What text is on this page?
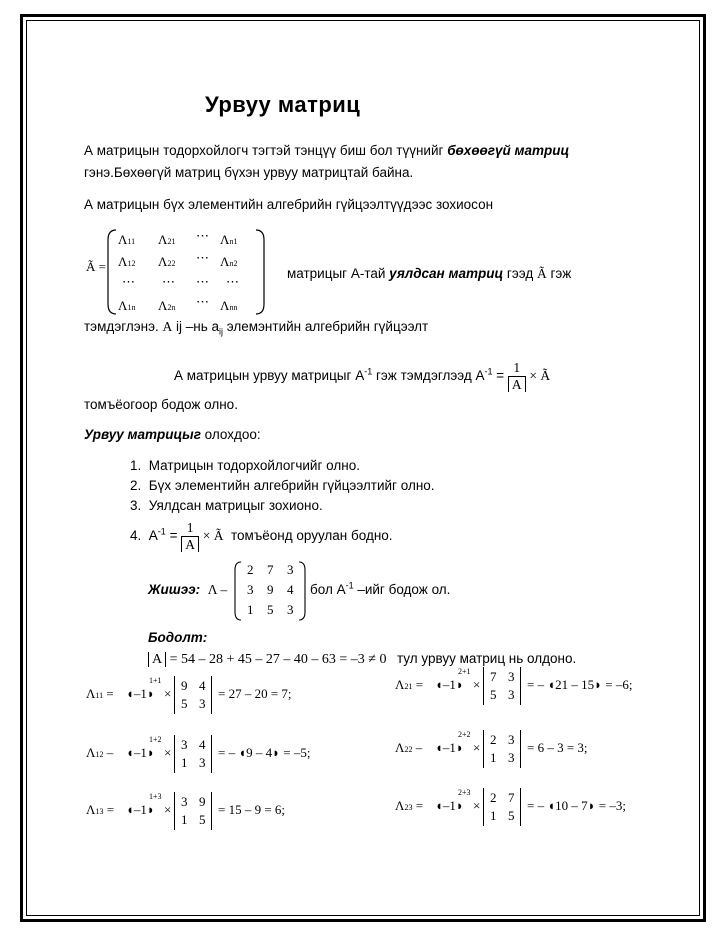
Урвуу матриц
А матрицын тодорхойлогч тэгтэй тэнцүү биш бол түүнийг бөхөөгүй матриц
гэнэ.Бөхөөгүй матриц бүхэн урвуу матрицтай байна.
А матрицын бүх элементийн алгебрийн гүйцээлтүүдээс зохиосон
Ã =
Λ11 Λ21 ⋯ Λn1
Λ12 Λ22 ⋯ Λn2
⋯ ⋯ ⋯ ⋯
Λ1n Λ2n ⋯ Λnn
матрицыг А-тай уялдсан матриц гээд Ã гэж
тэмдэглэнэ. Α ij –нь $a_{ij}$ элемэнтийн алгебрийн гүйцээлт
А матрицын урвуу матрицыг $А^{-1}$ гэж тэмдэглээд $А^{-1} = \frac{1}{A}$ × Ã
томъёогоор бодож олно.
Урвуу матрицыг олохдоо:
1. Матрицын тодорхойлогчийг олно.
2. Бүх элементийн алгебрийн гүйцээлтийг олно.
3. Уялдсан матрицыг зохионо.
4. $А^{-1} = \frac{1}{A}$ × Ã томъёонд оруулан бодно.
Жишээ: Λ –
2 7 3
3 9 4
1 5 3
бол $А^{-1}$ –ийг бодож ол.
Бодолт:
A = 54 – 28 + 45 – 27 – 40 – 63 = –3 ≠ 0 тул урвуу матриц нь олдоно.
Λ11 = ◖–1◗
1+1
×
9 4
5 3
= 27 – 20 = 7;
Λ21 = ◖–1◗
2+1
×
7 3
5 3
= – ◖21 – 15◗ = –6;
Λ12 – ◖–1◗
1+2
×
3 4
1 3
= – ◖9 – 4◗ = –5;	Λ22 – ◖–1◗
2+2
×
2 3
1 3
= 6 – 3 = 3;
Λ13 = ◖–1◗
1+3
×
3 9
1 5
= 15 – 9 = 6;	Λ23 = ◖–1◗
2+3
×
2 7
1 5
= – ◖10 – 7◗ = –3;
